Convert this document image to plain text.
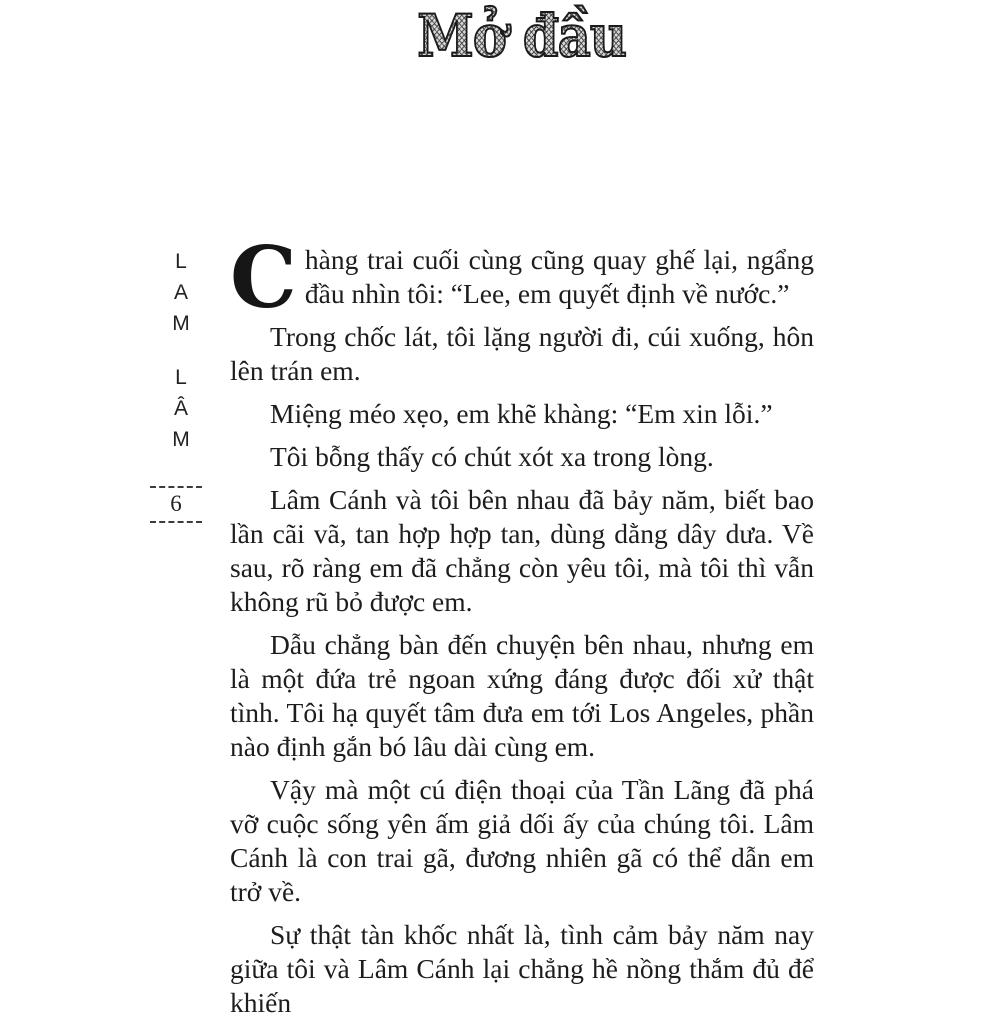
Mở đầu
L
A
M
L
Â
M
6

Chàng trai cuối cùng cũng quay ghế lại, ngẩng đầu nhìn tôi: “Lee, em quyết định về nước.”

Trong chốc lát, tôi lặng người đi, cúi xuống, hôn lên trán em.

Miệng méo xẹo, em khẽ khàng: “Em xin lỗi.”

Tôi bỗng thấy có chút xót xa trong lòng.

Lâm Cánh và tôi bên nhau đã bảy năm, biết bao lần cãi vã, tan hợp hợp tan, dùng dằng dây dưa. Về sau, rõ ràng em đã chẳng còn yêu tôi, mà tôi thì vẫn không rũ bỏ được em.

Dẫu chẳng bàn đến chuyện bên nhau, nhưng em là một đứa trẻ ngoan xứng đáng được đối xử thật tình. Tôi hạ quyết tâm đưa em tới Los Angeles, phần nào định gắn bó lâu dài cùng em.

Vậy mà một cú điện thoại của Tần Lãng đã phá vỡ cuộc sống yên ấm giả dối ấy của chúng tôi. Lâm Cánh là con trai gã, đương nhiên gã có thể dẫn em trở về.

Sự thật tàn khốc nhất là, tình cảm bảy năm nay giữa tôi và Lâm Cánh lại chẳng hề nồng thắm đủ để khiến
